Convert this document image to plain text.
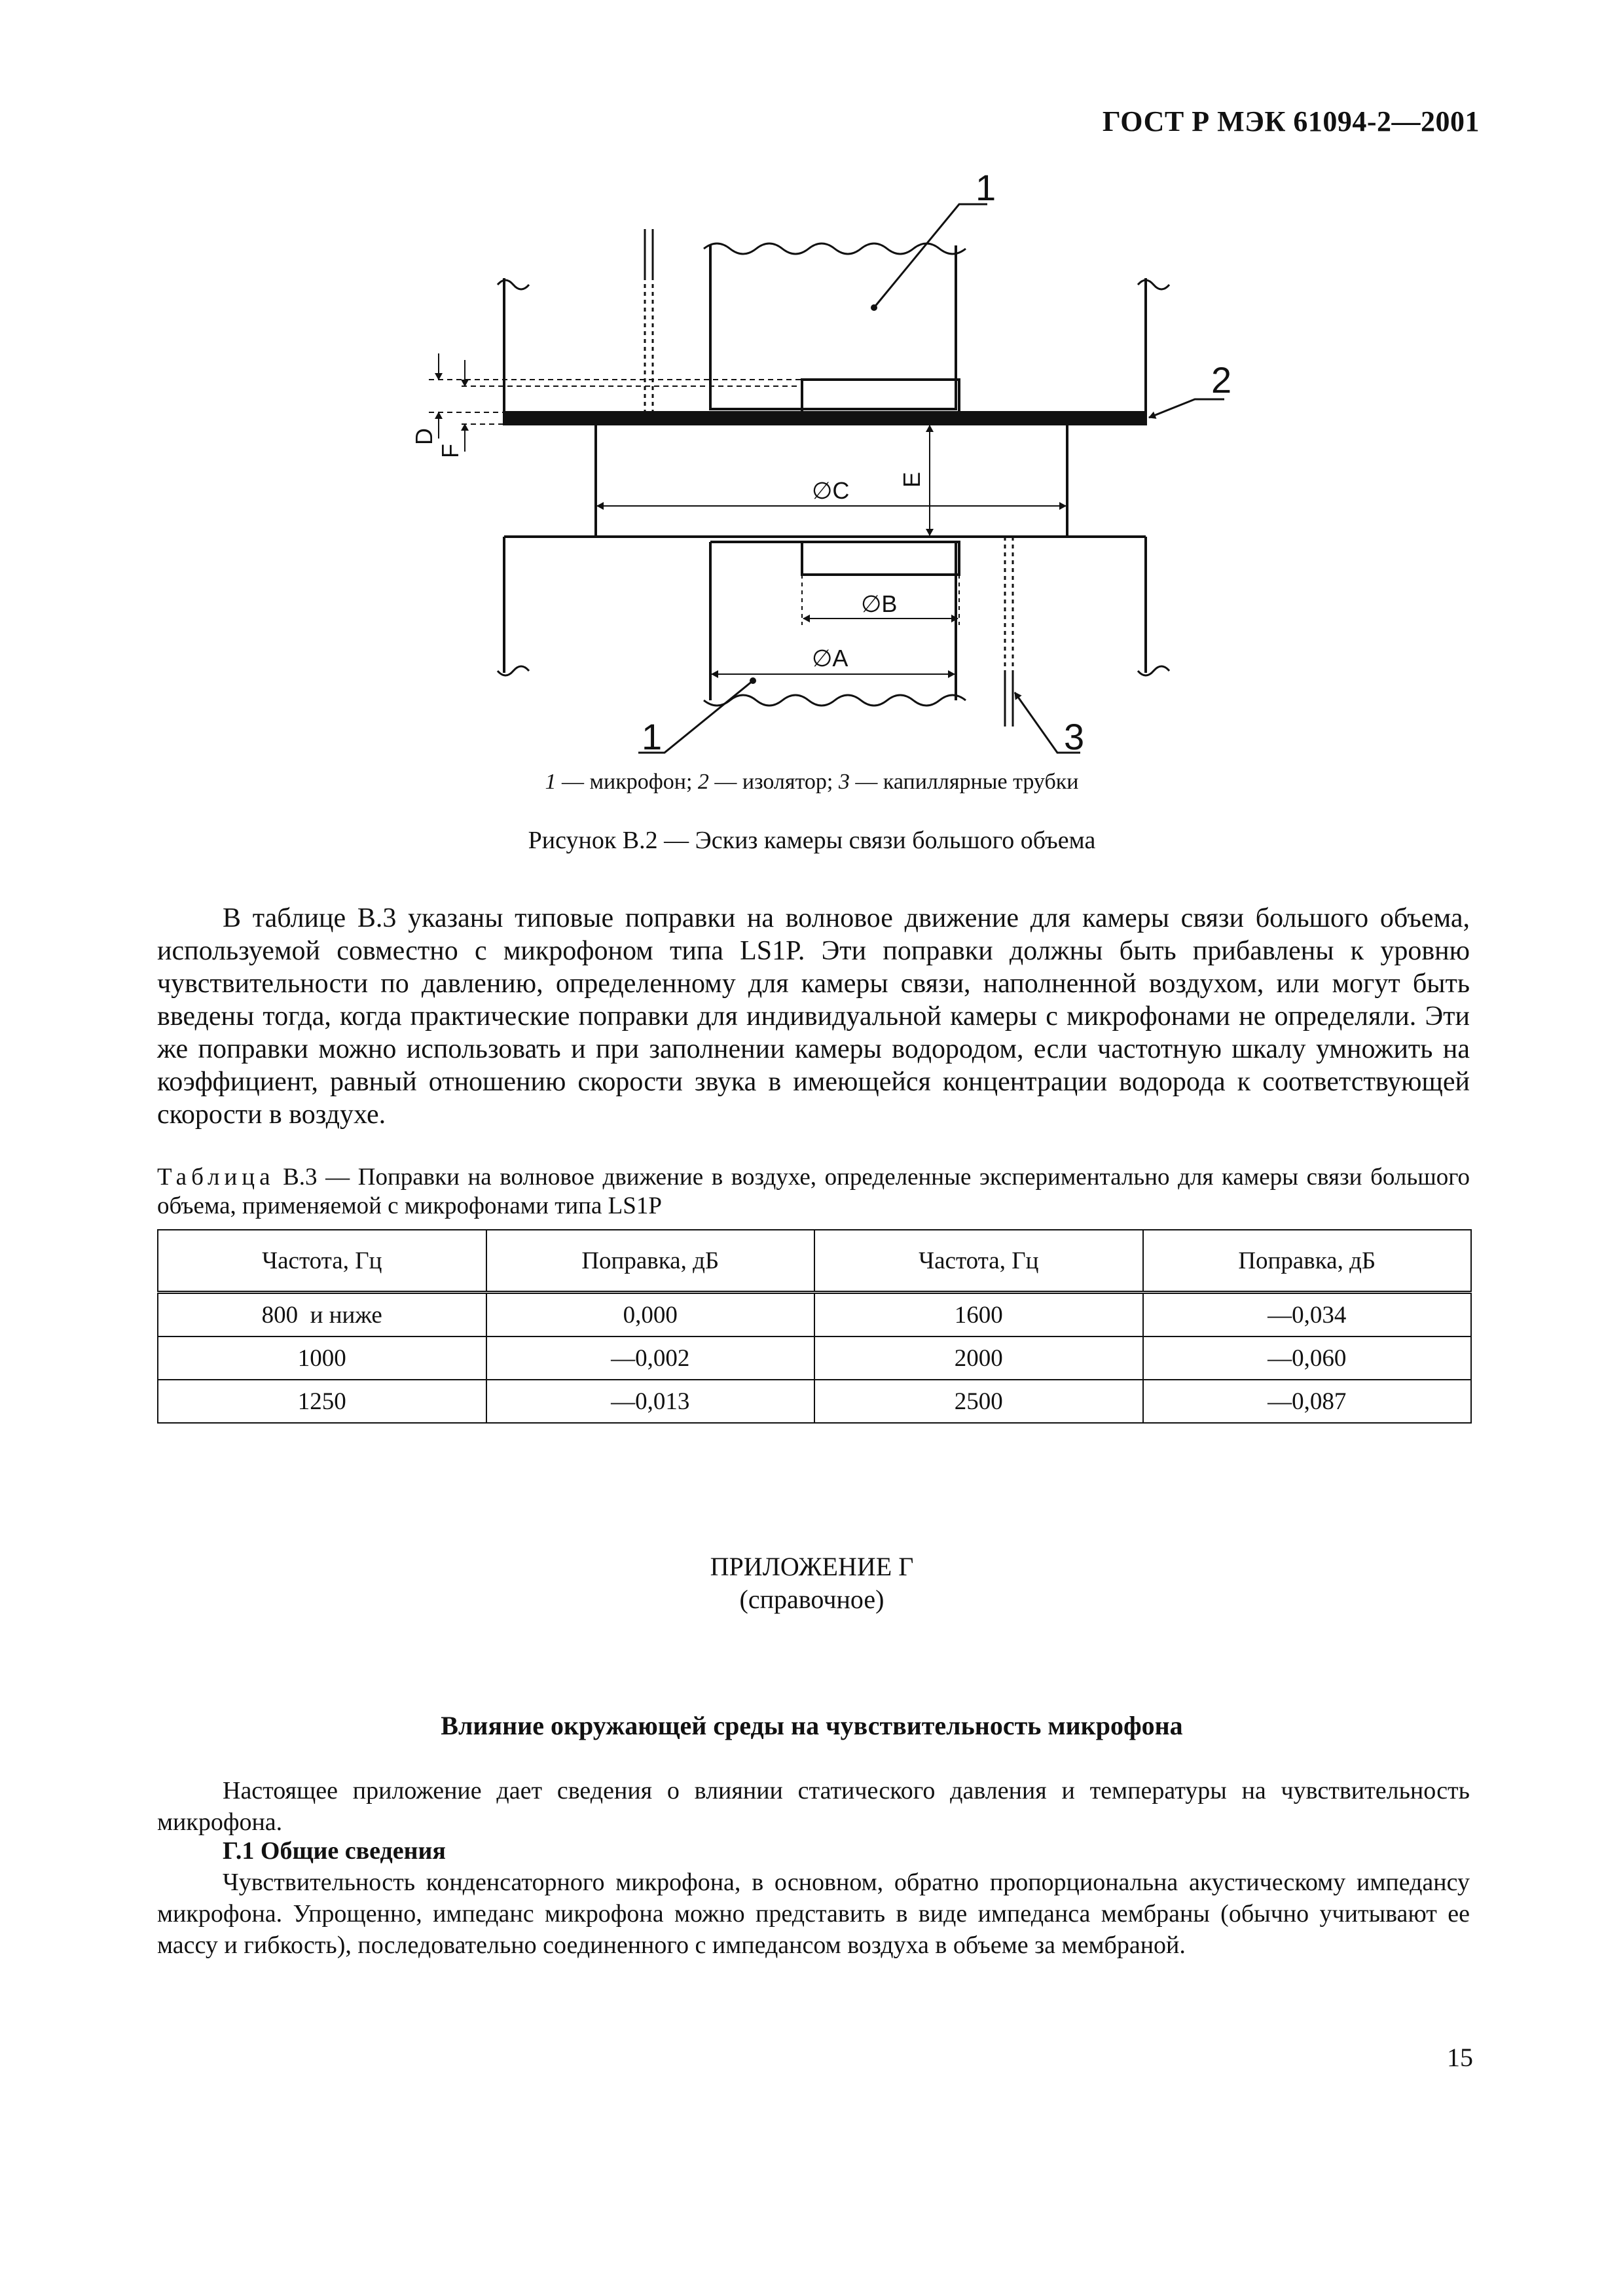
ГОСТ Р МЭК 61094-2—2001
1
2
1	3
∅C
∅B
∅A
D
F
E
1 — микрофон; 2 — изолятор; 3 — капиллярные трубки
Рисунок В.2 — Эскиз камеры связи большого объема

В таблице В.3 указаны типовые поправки на волновое движение для камеры связи большого объема, используемой совместно с микрофоном типа LS1P. Эти поправки должны быть прибавлены к уровню чувствительности по давлению, определенному для камеры связи, наполненной воздухом, или могут быть введены тогда, когда практические поправки для индивидуальной камеры с микрофонами не определяли. Эти же поправки можно использовать и при заполнении камеры водородом, если частотную шкалу умножить на коэффициент, равный отношению скорости звука в имеющейся концентрации водорода к соответствующей скорости в воздухе.

Таблица В.3 — Поправки на волновое движение в воздухе, определенные экспериментально для камеры связи большого объема, применяемой с микрофонами типа LS1P

Частота, Гц	Поправка, дБ	Частота, Гц	Поправка, дБ
800  и ниже	0,000	1600	—0,034
1000	—0,002	2000	—0,060
1250	—0,013	2500	—0,087
ПРИЛОЖЕНИЕ Г
(справочное)
Влияние окружающей среды на чувствительность микрофона

Настоящее приложение дает сведения о влиянии статического давления и температуры на чувствительность микрофона.

Г.1 Общие сведения

Чувствительность конденсаторного микрофона, в основном, обратно пропорциональна акустическому импедансу микрофона. Упрощенно, импеданс микрофона можно представить в виде импеданса мембраны (обычно учитывают ее массу и гибкость), последовательно соединенного с импедансом воздуха в объеме за мембраной.

15
